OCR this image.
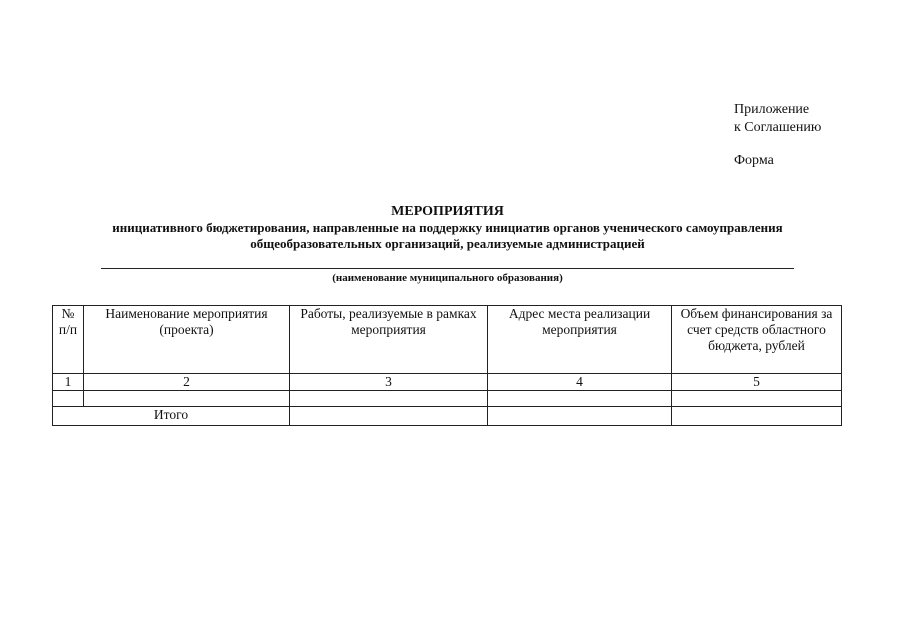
Приложение
к Соглашению
Форма
МЕРОПРИЯТИЯ
инициативного бюджетирования, направленные на поддержку инициатив органов ученического самоуправления
общеобразовательных организаций, реализуемые администрацией
(наименование муниципального образования)
№ п/п	Наименование мероприятия (проекта)	Работы, реализуемые в рамках мероприятия	Адрес места реализации мероприятия	Объем финансирования за счет средств областного бюджета, рублей
1	2	3	4	5

Итого				
